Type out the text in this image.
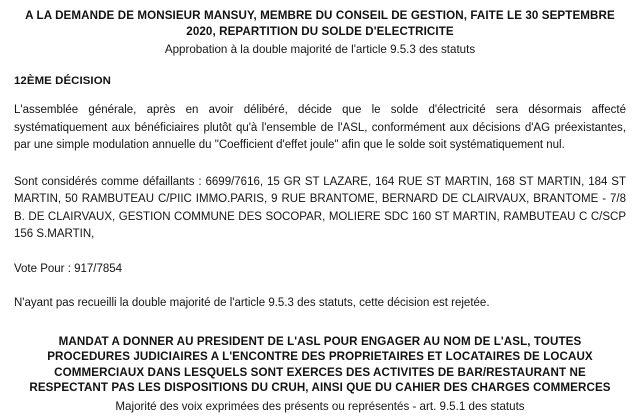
A LA DEMANDE DE MONSIEUR MANSUY, MEMBRE DU CONSEIL DE GESTION, FAITE LE 30 SEPTEMBRE 2020, REPARTITION DU SOLDE D'ELECTRICITE
Approbation à la double majorité de l'article 9.5.3 des statuts
12ÈME DÉCISION

L'assemblée générale, après en avoir délibéré, décide que le solde d'électricité sera désormais affecté systématiquement aux bénéficiaires plutôt qu'à l'ensemble de l'ASL, conformément aux décisions d'AG préexistantes, par une simple modulation annuelle du "Coefficient d'effet joule" afin que le solde soit systématiquement nul.

Sont considérés comme défaillants : 6699/7616, 15 GR ST LAZARE, 164 RUE ST MARTIN, 168 ST MARTIN, 184 ST MARTIN, 50 RAMBUTEAU C/PIIC IMMO.PARIS, 9 RUE BRANTOME, BERNARD DE CLAIRVAUX, BRANTOME - 7/8 B. DE CLAIRVAUX, GESTION COMMUNE DES SOCOPAR, MOLIERE SDC 160 ST MARTIN, RAMBUTEAU C C/SCP 156 S.MARTIN,

Vote Pour : 917/7854

N'ayant pas recueilli la double majorité de l'article 9.5.3 des statuts, cette décision est rejetée.

MANDAT A DONNER AU PRESIDENT DE L'ASL POUR ENGAGER AU NOM DE L'ASL, TOUTES PROCEDURES JUDICIAIRES A L'ENCONTRE DES PROPRIETAIRES ET LOCATAIRES DE LOCAUX COMMERCIAUX DANS LESQUELS SONT EXERCES DES ACTIVITES DE BAR/RESTAURANT NE RESPECTANT PAS LES DISPOSITIONS DU CRUH, AINSI QUE DU CAHIER DES CHARGES COMMERCES
Majorité des voix exprimées des présents ou représentés - art. 9.5.1 des statuts
